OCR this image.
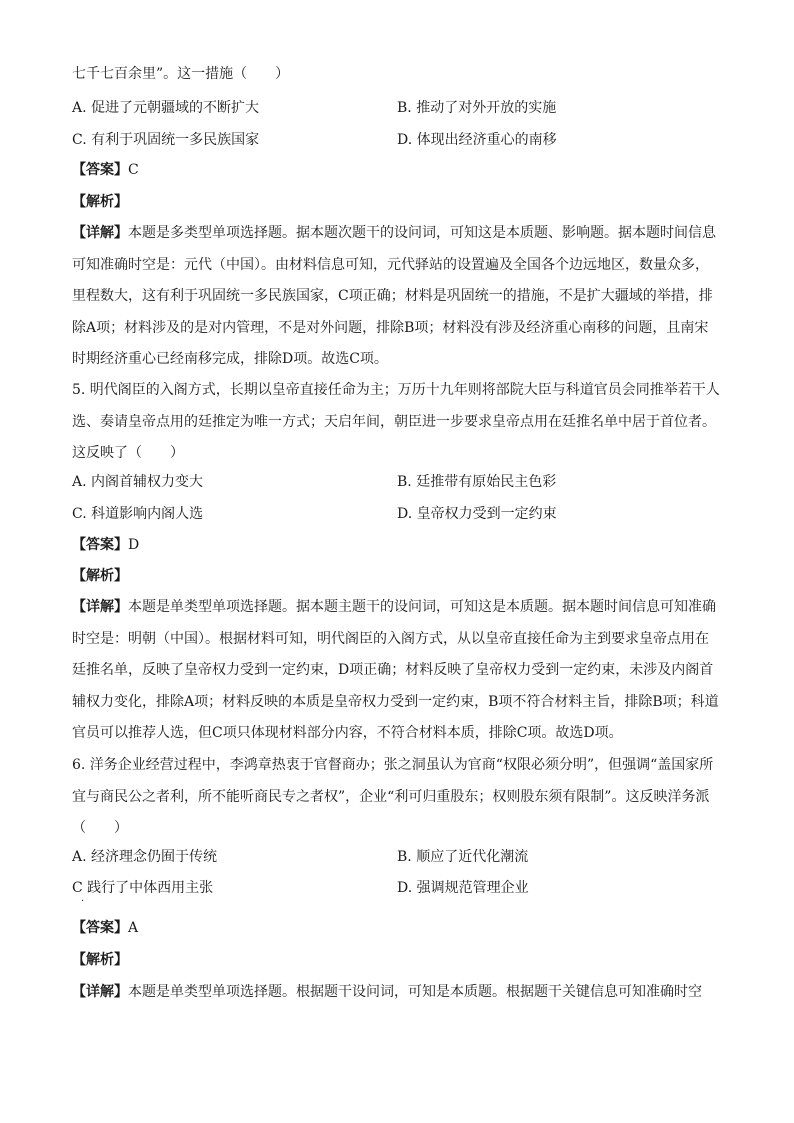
七千七百余里”。这一措施（　　）
A. 促进了元朝疆域的不断扩大	B. 推动了对外开放的实施
C. 有利于巩固统一多民族国家	D. 体现出经济重心的南移
【答案】C
【解析】
【详解】本题是多类型单项选择题。据本题次题干的设问词，可知这是本质题、影响题。据本题时间信息可知准确时空是：元代（中国）。由材料信息可知，元代驿站的设置遍及全国各个边远地区，数量众多，里程数大，这有利于巩固统一多民族国家，C项正确；材料是巩固统一的措施，不是扩大疆域的举措，排除A项；材料涉及的是对内管理，不是对外问题，排除B项；材料没有涉及经济重心南移的问题，且南宋时期经济重心已经南移完成，排除D项。故选C项。
5. 明代阁臣的入阁方式，长期以皇帝直接任命为主；万历十九年则将部院大臣与科道官员会同推举若干人选、奏请皇帝点用的廷推定为唯一方式；天启年间，朝臣进一步要求皇帝点用在廷推名单中居于首位者。这反映了（　　）
A. 内阁首辅权力变大	B. 廷推带有原始民主色彩
C. 科道影响内阁人选	D. 皇帝权力受到一定约束
【答案】D
【解析】
【详解】本题是单类型单项选择题。据本题主题干的设问词，可知这是本质题。据本题时间信息可知准确时空是：明朝（中国）。根据材料可知，明代阁臣的入阁方式，从以皇帝直接任命为主到要求皇帝点用在廷推名单，反映了皇帝权力受到一定约束，D项正确；材料反映了皇帝权力受到一定约束，未涉及内阁首辅权力变化，排除A项；材料反映的本质是皇帝权力受到一定约束，B项不符合材料主旨，排除B项；科道官员可以推荐人选，但C项只体现材料部分内容，不符合材料本质，排除C项。故选D项。
6. 洋务企业经营过程中，李鸿章热衷于官督商办；张之洞虽认为官商“权限必须分明”，但强调“盖国家所宜与商民公之者利，所不能听商民专之者权”，企业“利可归重股东；权则股东须有限制”。这反映洋务派（　　）
A. 经济理念仍囿于传统	B. 顺应了近代化潮流
C 践行了中体西用主张	D. 强调规范管理企业
·
【答案】A
【解析】
【详解】本题是单类型单项选择题。根据题干设问词，可知是本质题。根据题干关键信息可知准确时空
